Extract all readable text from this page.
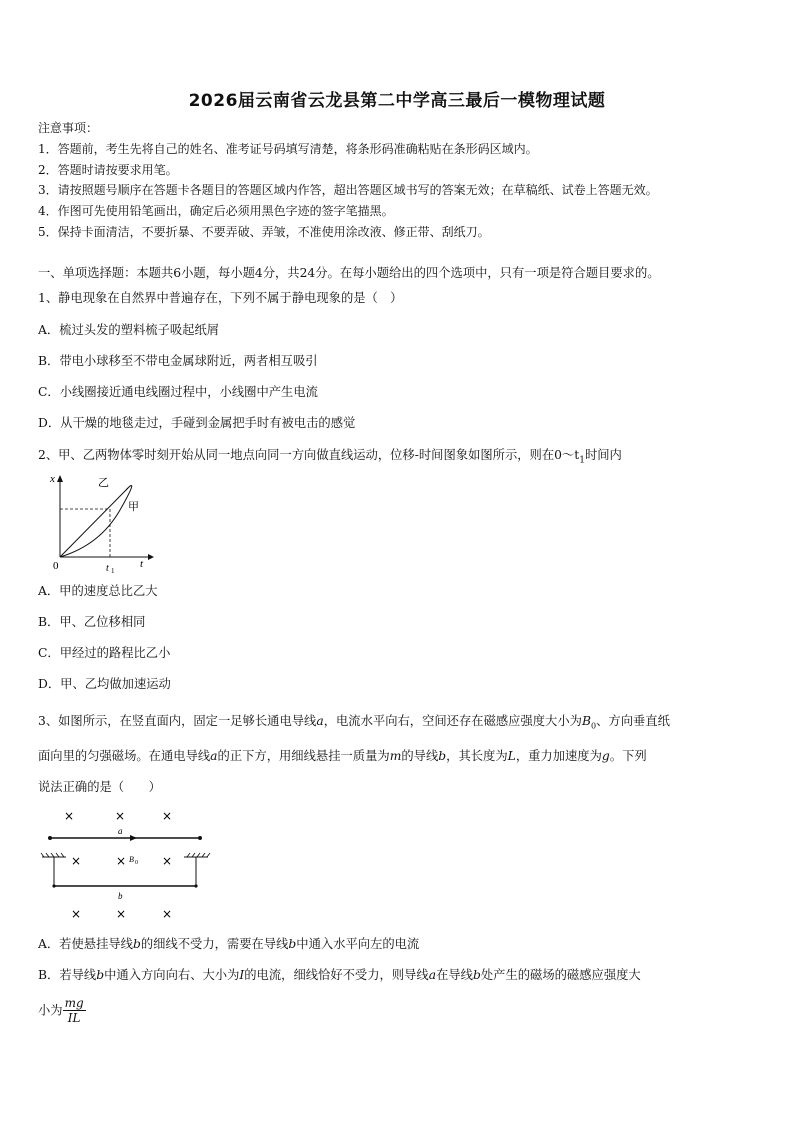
2026届云南省云龙县第二中学高三最后一模物理试题
注意事项：
1．答题前，考生先将自己的姓名、准考证号码填写清楚，将条形码准确粘贴在条形码区域内。
2．答题时请按要求用笔。
3．请按照题号顺序在答题卡各题目的答题区域内作答，超出答题区域书写的答案无效；在草稿纸、试卷上答题无效。
4．作图可先使用铅笔画出，确定后必须用黑色字迹的签字笔描黑。
5．保持卡面清洁，不要折暴、不要弄破、弄皱，不准使用涂改液、修正带、刮纸刀。
一、单项选择题：本题共6小题，每小题4分，共24分。在每小题给出的四个选项中，只有一项是符合题目要求的。
1、静电现象在自然界中普遍存在，下列不属于静电现象的是（　）
A．梳过头发的塑料梳子吸起纸屑
B．带电小球移至不带电金属球附近，两者相互吸引
C．小线圈接近通电线圈过程中，小线圈中产生电流
D．从干燥的地毯走过，手碰到金属把手时有被电击的感觉
2、甲、乙两物体零时刻开始从同一地点向同一方向做直线运动，位移-时间图象如图所示，则在$0\sim t_1$时间内
x
t
0	t 1
乙
甲
A．甲的速度总比乙大
B．甲、乙位移相同
C．甲经过的路程比乙小
D．甲、乙均做加速运动
3、如图所示，在竖直面内，固定一足够长通电导线a，电流水平向右，空间还存在磁感应强度大小为$B_0$、方向垂直纸
面向里的匀强磁场。在通电导线a的正下方，用细线悬挂一质量为m的导线b，其长度为L，重力加速度为g。下列
说法正确的是（　　）
×	×	×
a
×	× B 0 ×
b
×	×	×
A．若使悬挂导线b的细线不受力，需要在导线b中通入水平向左的电流
B．若导线b中通入方向向右、大小为I的电流，细线恰好不受力，则导线a在导线b处产生的磁场的磁感应强度大
小为 $\frac{mg}{IL}$
